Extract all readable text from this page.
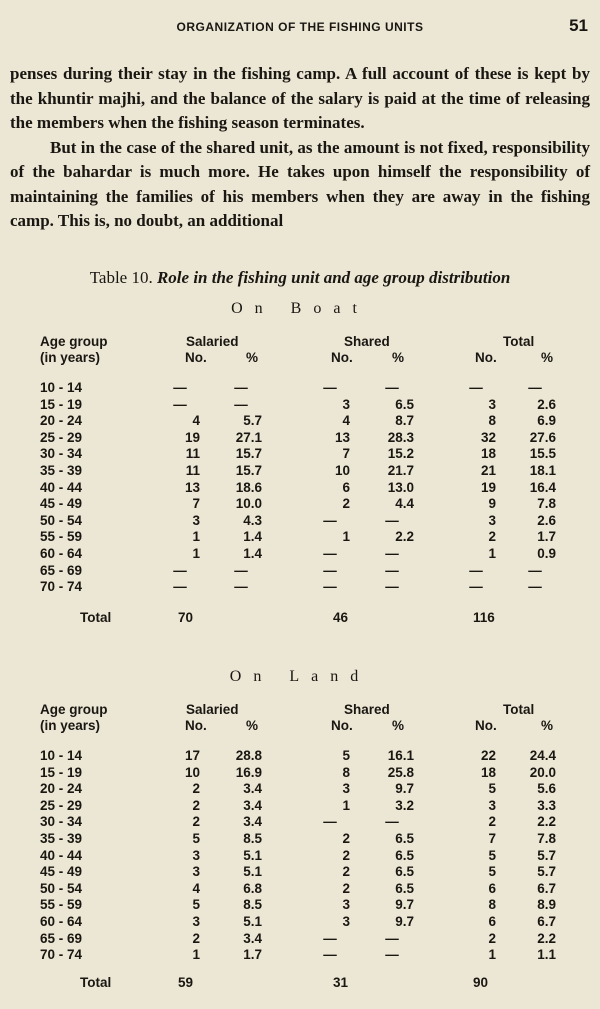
ORGANIZATION OF THE FISHING UNITS	51

penses during their stay in the fishing camp. A full account of these is kept by the khuntir majhi, and the balance of the salary is paid at the time of releasing the members when the fishing season terminates.

But in the case of the shared unit, as the amount is not fixed, responsibility of the bahardar is much more. He takes upon himself the responsibility of maintaining the families of his members when they are away in the fishing camp. This is, no doubt, an additional

Table 10. Role in the fishing unit and age group distribution
On Boat
Age group
(in years)
Salaried	Shared	Total
No.	%	No.	%	No.	%
10 - 14	—	—	—	—	—	—
15 - 19	—	—	3	6.5	3	2.6
20 - 24	4	5.7	4	8.7	8	6.9
25 - 29	19	27.1	13	28.3	32	27.6
30 - 34	11	15.7	7	15.2	18	15.5
35 - 39	11	15.7	10	21.7	21	18.1
40 - 44	13	18.6	6	13.0	19	16.4
45 - 49	7	10.0	2	4.4	9	7.8
50 - 54	3	4.3	—	—	3	2.6
55 - 59	1	1.4	1	2.2	2	1.7
60 - 64	1	1.4	—	—	1	0.9
65 - 69	—	—	—	—	—	—
70 - 74	—	—	—	—	—	—
Total	70	46	116
On Land
Age group
(in years)
Salaried	Shared	Total
No.	%	No.	%	No.	%
10 - 14	17	28.8	5	16.1	22	24.4
15 - 19	10	16.9	8	25.8	18	20.0
20 - 24	2	3.4	3	9.7	5	5.6
25 - 29	2	3.4	1	3.2	3	3.3
30 - 34	2	3.4	—	—	2	2.2
35 - 39	5	8.5	2	6.5	7	7.8
40 - 44	3	5.1	2	6.5	5	5.7
45 - 49	3	5.1	2	6.5	5	5.7
50 - 54	4	6.8	2	6.5	6	6.7
55 - 59	5	8.5	3	9.7	8	8.9
60 - 64	3	5.1	3	9.7	6	6.7
65 - 69	2	3.4	—	—	2	2.2
70 - 74	1	1.7	—	—	1	1.1
Total	59	31	90
